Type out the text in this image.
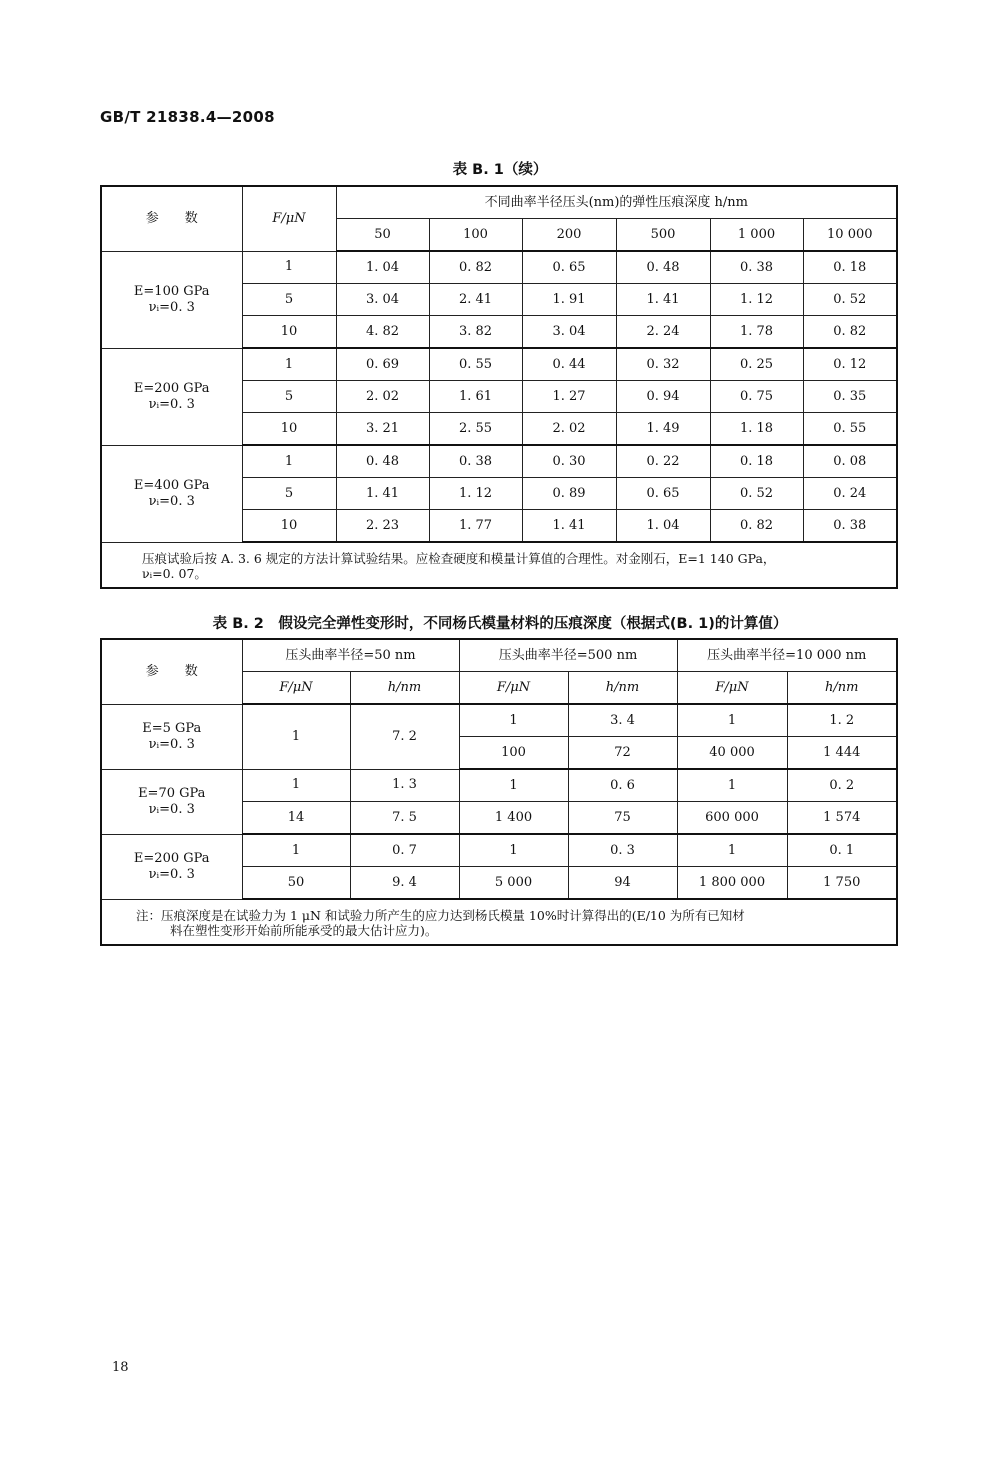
GB/T 21838.4—2008
表 B. 1（续）
参　　数	F/μN	不同曲率半径压头(nm)的弹性压痕深度 h/nm					
		50	100	200	500	1 000	10 000
E=100 GPa
νᵢ=0. 3	1	1. 04	0. 82	0. 65	0. 48	0. 38	0. 18
	5	3. 04	2. 41	1. 91	1. 41	1. 12	0. 52
	10	4. 82	3. 82	3. 04	2. 24	1. 78	0. 82
E=200 GPa
νᵢ=0. 3	1	0. 69	0. 55	0. 44	0. 32	0. 25	0. 12
	5	2. 02	1. 61	1. 27	0. 94	0. 75	0. 35
	10	3. 21	2. 55	2. 02	1. 49	1. 18	0. 55
E=400 GPa
νᵢ=0. 3	1	0. 48	0. 38	0. 30	0. 22	0. 18	0. 08
	5	1. 41	1. 12	0. 89	0. 65	0. 52	0. 24
	10	2. 23	1. 77	1. 41	1. 04	0. 82	0. 38
压痕试验后按 A. 3. 6 规定的方法计算试验结果。应检查硬度和模量计算值的合理性。对金刚石，E=1 140 GPa，
νᵢ=0. 07。							
表 B. 2　假设完全弹性变形时，不同杨氏模量材料的压痕深度（根据式(B. 1)的计算值）
参　　数	压头曲率半径=50 nm		压头曲率半径=500 nm		压头曲率半径=10 000 nm	
	F/μN	h/nm	F/μN	h/nm	F/μN	h/nm
E=5 GPa
νᵢ=0. 3	1	7. 2	1	3. 4	1	1. 2
			100	72	40 000	1 444
E=70 GPa
νᵢ=0. 3	1	1. 3	1	0. 6	1	0. 2
	14	7. 5	1 400	75	600 000	1 574
E=200 GPa
νᵢ=0. 3	1	0. 7	1	0. 3	1	0. 1
	50	9. 4	5 000	94	1 800 000	1 750
注：压痕深度是在试验力为 1 μN 和试验力所产生的应力达到杨氏模量 10%时计算得出的(E/10 为所有已知材

料在塑性变形开始前所能承受的最大估计应力)。						
18
